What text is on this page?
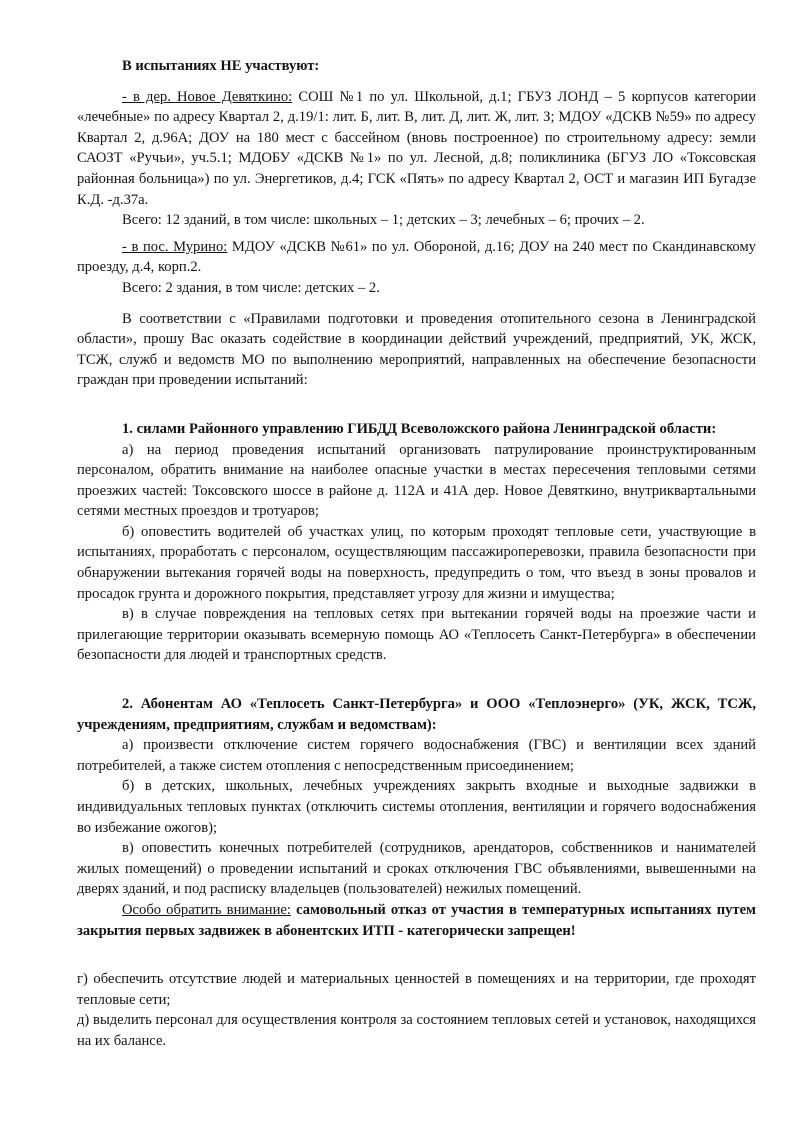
В испытаниях НЕ участвуют:

- в дер. Новое Девяткино: СОШ №1 по ул. Школьной, д.1; ГБУЗ ЛОНД – 5 корпусов категории «лечебные» по адресу Квартал 2, д.19/1: лит. Б, лит. В, лит. Д, лит. Ж, лит. З; МДОУ «ДСКВ №59» по адресу Квартал 2, д.96А; ДОУ на 180 мест с бассейном (вновь построенное) по строительному адресу: земли САОЗТ «Ручьи», уч.5.1; МДОБУ «ДСКВ №1» по ул. Лесной, д.8; поликлиника (БГУЗ ЛО «Токсовская районная больница») по ул. Энергетиков, д.4; ГСК «Пять» по адресу Квартал 2, ОСТ и магазин ИП Бугадзе К.Д. -д.37а.

Всего: 12 зданий, в том числе: школьных – 1; детских – 3; лечебных – 6; прочих – 2.

- в пос. Мурино: МДОУ «ДСКВ №61» по ул. Обороной, д.16; ДОУ на 240 мест по Скандинавскому проезду, д.4, корп.2.

Всего: 2 здания, в том числе: детских – 2.

В соответствии с «Правилами подготовки и проведения отопительного сезона в Ленинградской области», прошу Вас оказать содействие в координации действий учреждений, предприятий, УК, ЖСК, ТСЖ, служб и ведомств МО по выполнению мероприятий, направленных на обеспечение безопасности граждан при проведении испытаний:

1. силами Районного управлению ГИБДД Всеволожского района Ленинградской области:

а) на период проведения испытаний организовать патрулирование проинструктированным персоналом, обратить внимание на наиболее опасные участки в местах пересечения тепловыми сетями проезжих частей: Токсовского шоссе в районе д. 112А и 41А дер. Новое Девяткино, внутриквартальными сетями местных проездов и тротуаров;

б) оповестить водителей об участках улиц, по которым проходят тепловые сети, участвующие в испытаниях, проработать с персоналом, осуществляющим пассажироперевозки, правила безопасности при обнаружении вытекания горячей воды на поверхность, предупредить о том, что въезд в зоны провалов и просадок грунта и дорожного покрытия, представляет угрозу для жизни и имущества;

в) в случае повреждения на тепловых сетях при вытекании горячей воды на проезжие части и прилегающие территории оказывать всемерную помощь АО «Теплосеть Санкт-Петербурга» в обеспечении безопасности для людей и транспортных средств.

2. Абонентам АО «Теплосеть Санкт-Петербурга» и ООО «Теплоэнерго» (УК, ЖСК, ТСЖ, учреждениям, предприятиям, службам и ведомствам):

а) произвести отключение систем горячего водоснабжения (ГВС) и вентиляции всех зданий потребителей, а также систем отопления с непосредственным присоединением;

б) в детских, школьных, лечебных учреждениях закрыть входные и выходные задвижки в индивидуальных тепловых пунктах (отключить системы отопления, вентиляции и горячего водоснабжения во избежание ожогов);

в) оповестить конечных потребителей (сотрудников, арендаторов, собственников и нанимателей жилых помещений) о проведении испытаний и сроках отключения ГВС объявлениями, вывешенными на дверях зданий, и под расписку владельцев (пользователей) нежилых помещений.

Особо обратить внимание: самовольный отказ от участия в температурных испытаниях путем закрытия первых задвижек в абонентских ИТП - категорически запрещен!

г) обеспечить отсутствие людей и материальных ценностей в помещениях и на территории, где проходят тепловые сети;

д) выделить персонал для осуществления контроля за состоянием тепловых сетей и установок, находящихся на их балансе.
